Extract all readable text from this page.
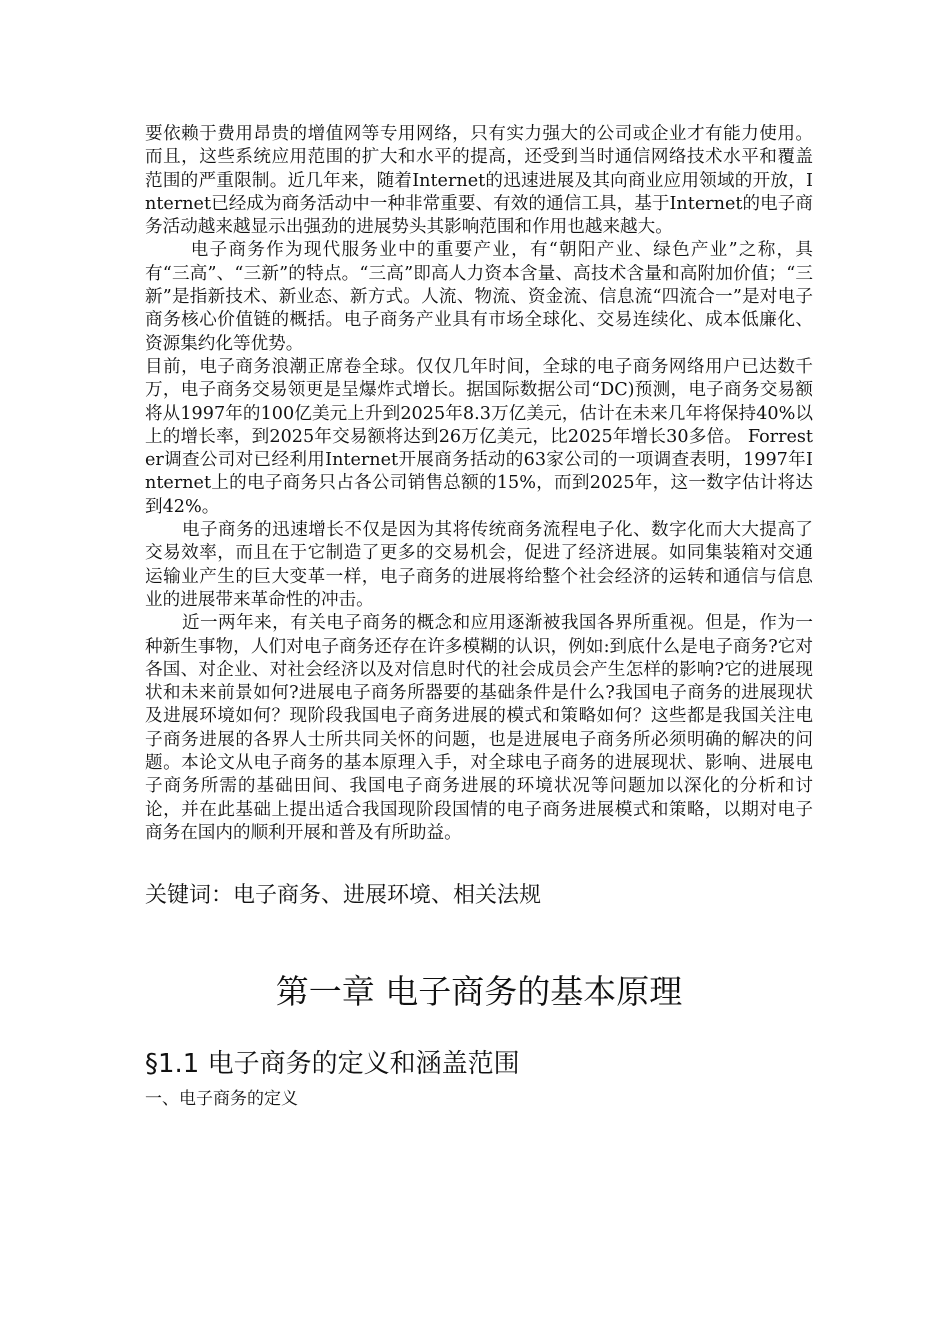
要依赖于费用昂贵的增值网等专用网络，只有实力强大的公司或企业才有能力使用。而且，这些系统应用范围的扩大和水平的提高，还受到当时通信网络技术水平和覆盖范围的严重限制。近几年来，随着Internet的迅速进展及其向商业应用领域的开放，Internet已经成为商务活动中一种非常重要、有效的通信工具，基于Internet的电子商务活动越来越显示出强劲的进展势头其影响范围和作用也越来越大。

电子商务作为现代服务业中的重要产业，有“朝阳产业、绿色产业”之称，具有“三高”、“三新”的特点。“三高”即高人力资本含量、高技术含量和高附加价值；“三新”是指新技术、新业态、新方式。人流、物流、资金流、信息流“四流合一”是对电子商务核心价值链的概括。电子商务产业具有市场全球化、交易连续化、成本低廉化、资源集约化等优势。

目前，电子商务浪潮正席卷全球。仅仅几年时间，全球的电子商务网络用户已达数千万，电子商务交易领更是呈爆炸式增长。据国际数据公司“DC)预测，电子商务交易额将从1997年的100亿美元上升到2025年8.3万亿美元，估计在未来几年将保持40%以上的增长率，到2025年交易额将达到26万亿美元，比2025年增长30多倍。 Forrester调查公司对已经利用Internet开展商务括动的63家公司的一项调查表明，1997年Internet上的电子商务只占各公司销售总额的15%，而到2025年，这一数字估计将达到42%。

电子商务的迅速增长不仅是因为其将传统商务流程电子化、数字化而大大提高了交易效率，而且在于它制造了更多的交易机会，促进了经济进展。如同集装箱对交通运输业产生的巨大变革一样，电子商务的进展将给整个社会经济的运转和通信与信息业的进展带来革命性的冲击。

近一两年来，有关电子商务的概念和应用逐渐被我国各界所重视。但是，作为一种新生事物，人们对电子商务还存在许多模糊的认识，例如:到底什么是电子商务?它对各国、对企业、对社会经济以及对信息时代的社会成员会产生怎样的影响?它的进展现状和未来前景如何?进展电子商务所器要的基础条件是什么?我国电子商务的进展现状及进展环境如何？现阶段我国电子商务进展的模式和策略如何？这些都是我国关注电子商务进展的各界人士所共同关怀的问题，也是进展电子商务所必须明确的解决的问题。本论文从电子商务的基本原理入手，对全球电子商务的进展现状、影响、进展电子商务所需的基础田间、我国电子商务进展的环境状况等问题加以深化的分析和讨论，并在此基础上提出适合我国现阶段国情的电子商务进展模式和策略，以期对电子商务在国内的顺利开展和普及有所助益。

关键词：电子商务、进展环境、相关法规
第一章 电子商务的基本原理
§1.1 电子商务的定义和涵盖范围

一、电子商务的定义
